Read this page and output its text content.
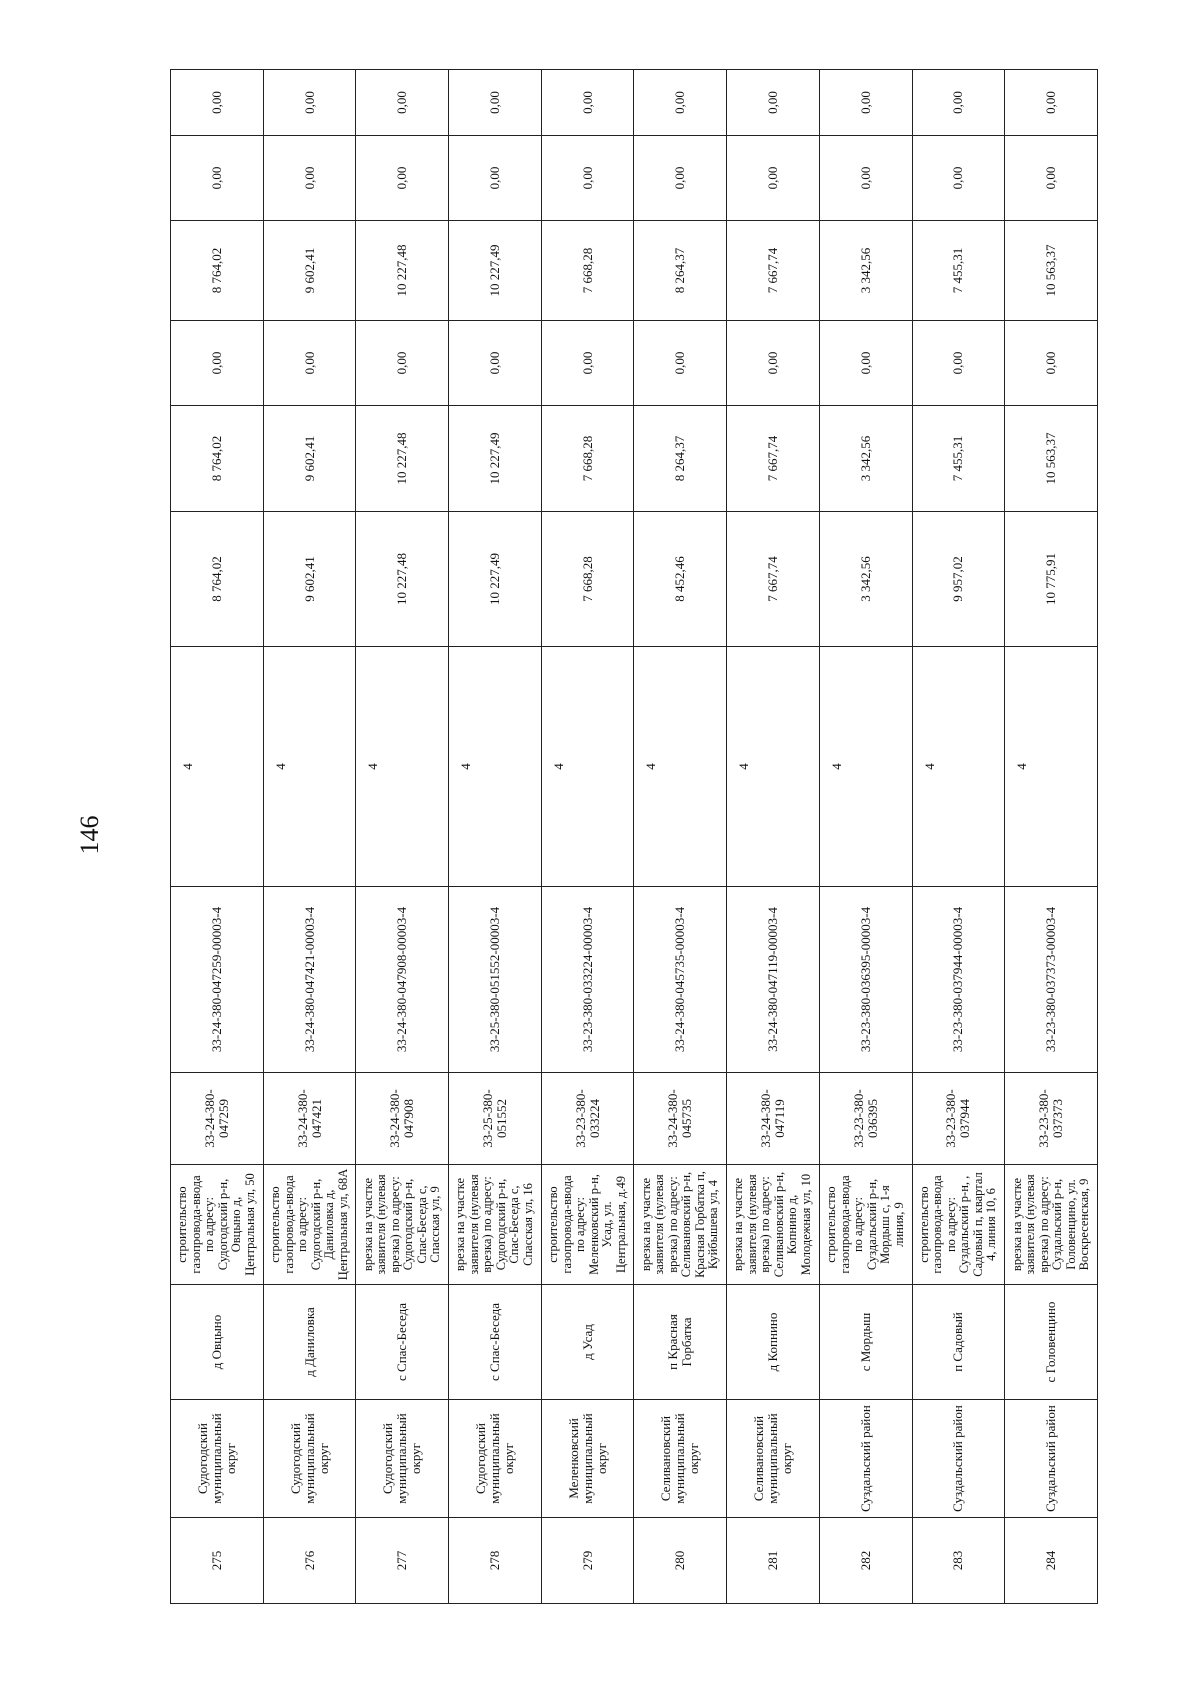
146
275	Судогодский муниципальный округ	д Овцыно	строительство газопровода-ввода по адресу: Судогодский р-н, Овцыно д, Центральная ул, 50	33-24-380-047259	33-24-380-047259-00003-4	4	8 764,02	8 764,02	0,00	8 764,02	0,00	0,00
276	Судогодский муниципальный округ	д Даниловка	строительство газопровода-ввода по адресу: Судогодский р-н, Даниловка д, Центральная ул, 68А	33-24-380-047421	33-24-380-047421-00003-4	4	9 602,41	9 602,41	0,00	9 602,41	0,00	0,00
277	Судогодский муниципальный округ	с Спас-Беседа	врезка на участке заявителя (нулевая врезка) по адресу: Судогодский р-н, Спас-Беседа с, Спасская ул, 9	33-24-380-047908	33-24-380-047908-00003-4	4	10 227,48	10 227,48	0,00	10 227,48	0,00	0,00
278	Судогодский муниципальный округ	с Спас-Беседа	врезка на участке заявителя (нулевая врезка) по адресу: Судогодский р-н, Спас-Беседа с, Спасская ул, 16	33-25-380-051552	33-25-380-051552-00003-4	4	10 227,49	10 227,49	0,00	10 227,49	0,00	0,00
279	Меленковский муниципальный округ	д Усад	строительство газопровода-ввода по адресу: Меленковский р-н, Усад, ул. Центральная, д.49	33-23-380-033224	33-23-380-033224-00003-4	4	7 668,28	7 668,28	0,00	7 668,28	0,00	0,00
280	Селивановский муниципальный округ	п Красная Горбатка	врезка на участке заявителя (нулевая врезка) по адресу: Селивановский р-н, Красная Горбатка п, Куйбышева ул, 4	33-24-380-045735	33-24-380-045735-00003-4	4	8 452,46	8 264,37	0,00	8 264,37	0,00	0,00
281	Селивановский муниципальный округ	д Копнино	врезка на участке заявителя (нулевая врезка) по адресу: Селивановский р-н, Копнино д, Молодежная ул, 10	33-24-380-047119	33-24-380-047119-00003-4	4	7 667,74	7 667,74	0,00	7 667,74	0,00	0,00
282	Суздальский район	с Мордыш	строительство газопровода-ввода по адресу: Суздальский р-н, Мордыш с, 1-я линия, 9	33-23-380-036395	33-23-380-036395-00003-4	4	3 342,56	3 342,56	0,00	3 342,56	0,00	0,00
283	Суздальский район	п Садовый	строительство газопровода-ввода по адресу: Суздальский р-н, , Садовый п, квартал 4, линия 10, 6	33-23-380-037944	33-23-380-037944-00003-4	4	9 957,02	7 455,31	0,00	7 455,31	0,00	0,00
284	Суздальский район	с Головенцино	врезка на участке заявителя (нулевая врезка) по адресу: Суздальский р-н, Головенцино, ул. Воскресенская, 9	33-23-380-037373	33-23-380-037373-00003-4	4	10 775,91	10 563,37	0,00	10 563,37	0,00	0,00
